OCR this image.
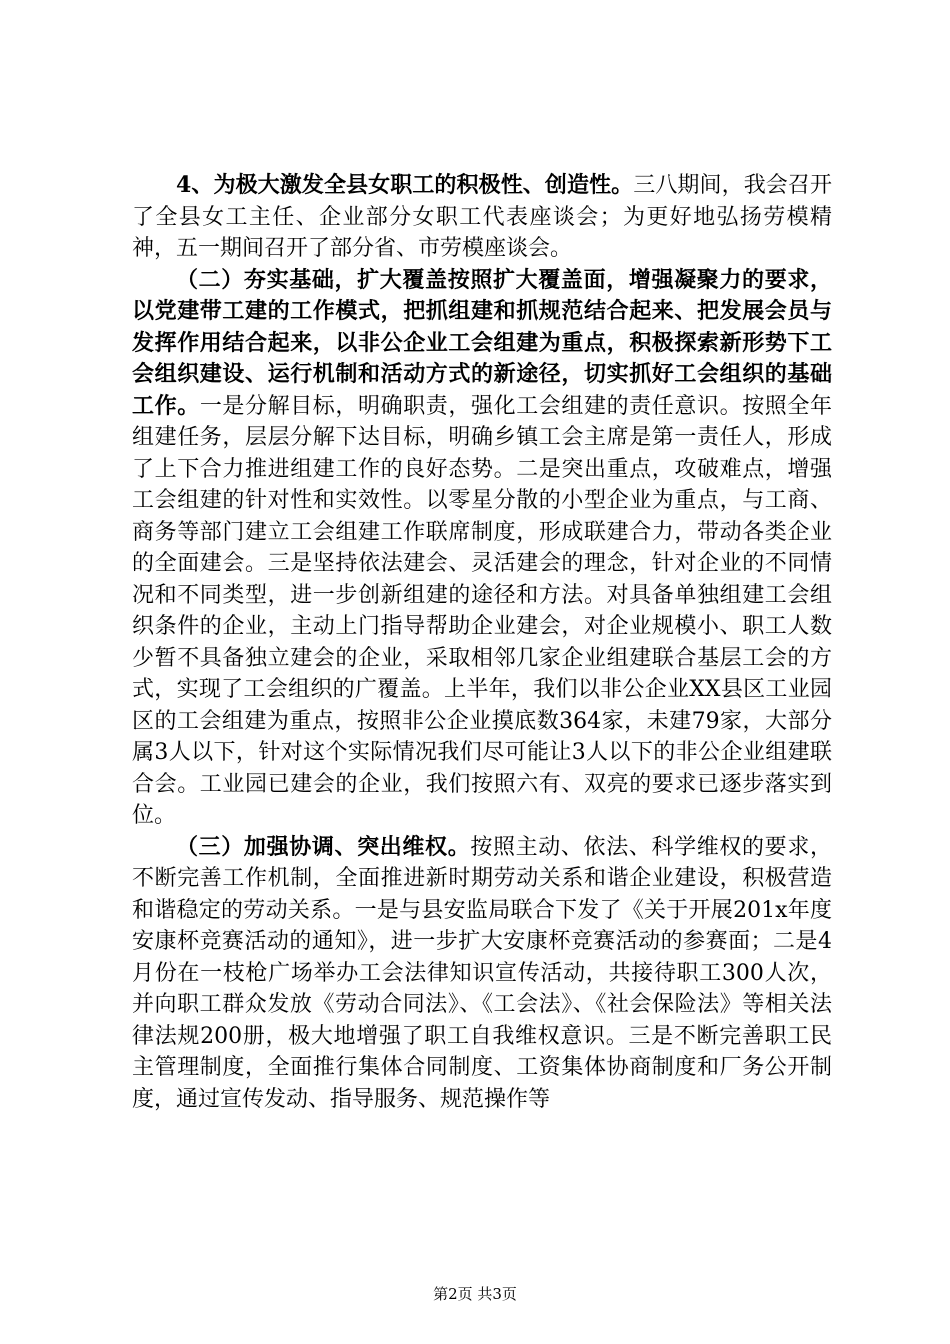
4、为极大激发全县女职工的积极性、创造性。三八期间，我会召开了全县女工主任、企业部分女职工代表座谈会；为更好地弘扬劳模精神，五一期间召开了部分省、市劳模座谈会。

（二）夯实基础，扩大覆盖按照扩大覆盖面，增强凝聚力的要求，以党建带工建的工作模式，把抓组建和抓规范结合起来、把发展会员与发挥作用结合起来，以非公企业工会组建为重点，积极探索新形势下工会组织建设、运行机制和活动方式的新途径，切实抓好工会组织的基础工作。一是分解目标，明确职责，强化工会组建的责任意识。按照全年组建任务，层层分解下达目标，明确乡镇工会主席是第一责任人，形成了上下合力推进组建工作的良好态势。二是突出重点，攻破难点，增强工会组建的针对性和实效性。以零星分散的小型企业为重点，与工商、商务等部门建立工会组建工作联席制度，形成联建合力，带动各类企业的全面建会。三是坚持依法建会、灵活建会的理念，针对企业的不同情况和不同类型，进一步创新组建的途径和方法。对具备单独组建工会组织条件的企业，主动上门指导帮助企业建会，对企业规模小、职工人数少暂不具备独立建会的企业，采取相邻几家企业组建联合基层工会的方式，实现了工会组织的广覆盖。上半年，我们以非公企业XX县区工业园区的工会组建为重点，按照非公企业摸底数364家，未建79家，大部分属3人以下，针对这个实际情况我们尽可能让3人以下的非公企业组建联合会。工业园已建会的企业，我们按照六有、双亮的要求已逐步落实到位。

（三）加强协调、突出维权。按照主动、依法、科学维权的要求，不断完善工作机制，全面推进新时期劳动关系和谐企业建设，积极营造和谐稳定的劳动关系。一是与县安监局联合下发了《关于开展201x年度安康杯竞赛活动的通知》，进一步扩大安康杯竞赛活动的参赛面；二是4月份在一枝枪广场举办工会法律知识宣传活动，共接待职工300人次，并向职工群众发放《劳动合同法》、《工会法》、《社会保险法》等相关法律法规200册，极大地增强了职工自我维权意识。三是不断完善职工民主管理制度，全面推行集体合同制度、工资集体协商制度和厂务公开制度，通过宣传发动、指导服务、规范操作等

第2页 共3页
